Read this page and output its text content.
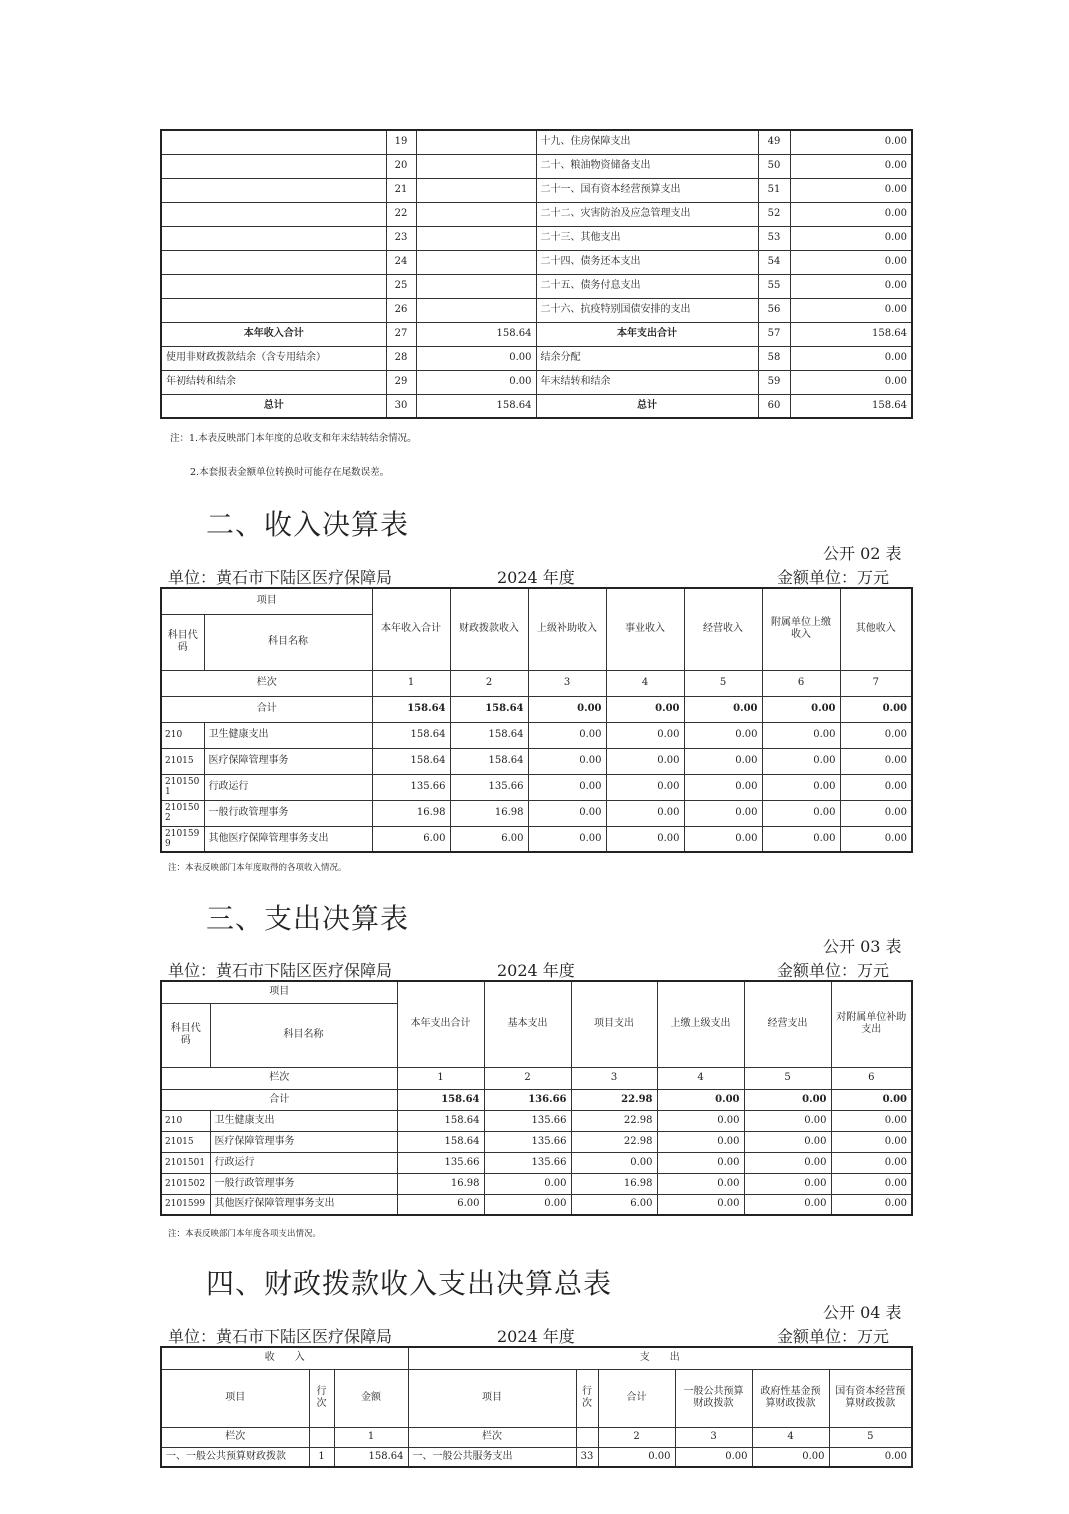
	19		十九、住房保障支出	49	0.00
	20		二十、粮油物资储备支出	50	0.00
	21		二十一、国有资本经营预算支出	51	0.00
	22		二十二、灾害防治及应急管理支出	52	0.00
	23		二十三、其他支出	53	0.00
	24		二十四、债务还本支出	54	0.00
	25		二十五、债务付息支出	55	0.00
	26		二十六、抗疫特别国债安排的支出	56	0.00
本年收入合计	27	158.64	本年支出合计	57	158.64
使用非财政拨款结余（含专用结余）	28	0.00	结余分配	58	0.00
年初结转和结余	29	0.00	年末结转和结余	59	0.00
总计	30	158.64	总计	60	158.64
注：1.本表反映部门本年度的总收支和年末结转结余情况。
2.本套报表金额单位转换时可能存在尾数误差。
二、收入决算表
公开 02 表
单位：黄石市下陆区医疗保障局	2024 年度	金额单位：万元
项目		本年收入合计	财政拨款收入	上级补助收入	事业收入	经营收入	附属单位上缴收入	其他收入
科目代码	科目名称							
栏次		1	2	3	4	5	6	7
合计		158.64	158.64	0.00	0.00	0.00	0.00	0.00
210	卫生健康支出	158.64	158.64	0.00	0.00	0.00	0.00	0.00
21015	医疗保障管理事务	158.64	158.64	0.00	0.00	0.00	0.00	0.00
2101501	行政运行	135.66	135.66	0.00	0.00	0.00	0.00	0.00
2101502	一般行政管理事务	16.98	16.98	0.00	0.00	0.00	0.00	0.00
2101599	其他医疗保障管理事务支出	6.00	6.00	0.00	0.00	0.00	0.00	0.00
注：本表反映部门本年度取得的各项收入情况。
三、支出决算表
公开 03 表
单位：黄石市下陆区医疗保障局	2024 年度	金额单位：万元
项目		本年支出合计	基本支出	项目支出	上缴上级支出	经营支出	对附属单位补助支出
科目代码	科目名称						
栏次		1	2	3	4	5	6
合计		158.64	136.66	22.98	0.00	0.00	0.00
210	卫生健康支出	158.64	135.66	22.98	0.00	0.00	0.00
21015	医疗保障管理事务	158.64	135.66	22.98	0.00	0.00	0.00
2101501	行政运行	135.66	135.66	0.00	0.00	0.00	0.00
2101502	一般行政管理事务	16.98	0.00	16.98	0.00	0.00	0.00
2101599	其他医疗保障管理事务支出	6.00	0.00	6.00	0.00	0.00	0.00
注：本表反映部门本年度各项支出情况。
四、财政拨款收入支出决算总表
公开 04 表
单位：黄石市下陆区医疗保障局	2024 年度	金额单位：万元
收　　入			支　　出					
项目	行次	金额	项目	行次	合计	一般公共预算财政拨款	政府性基金预算财政拨款	国有资本经营预算财政拨款
栏次		1	栏次		2	3	4	5
一、一般公共预算财政拨款	1	158.64	一、一般公共服务支出	33	0.00	0.00	0.00	0.00
